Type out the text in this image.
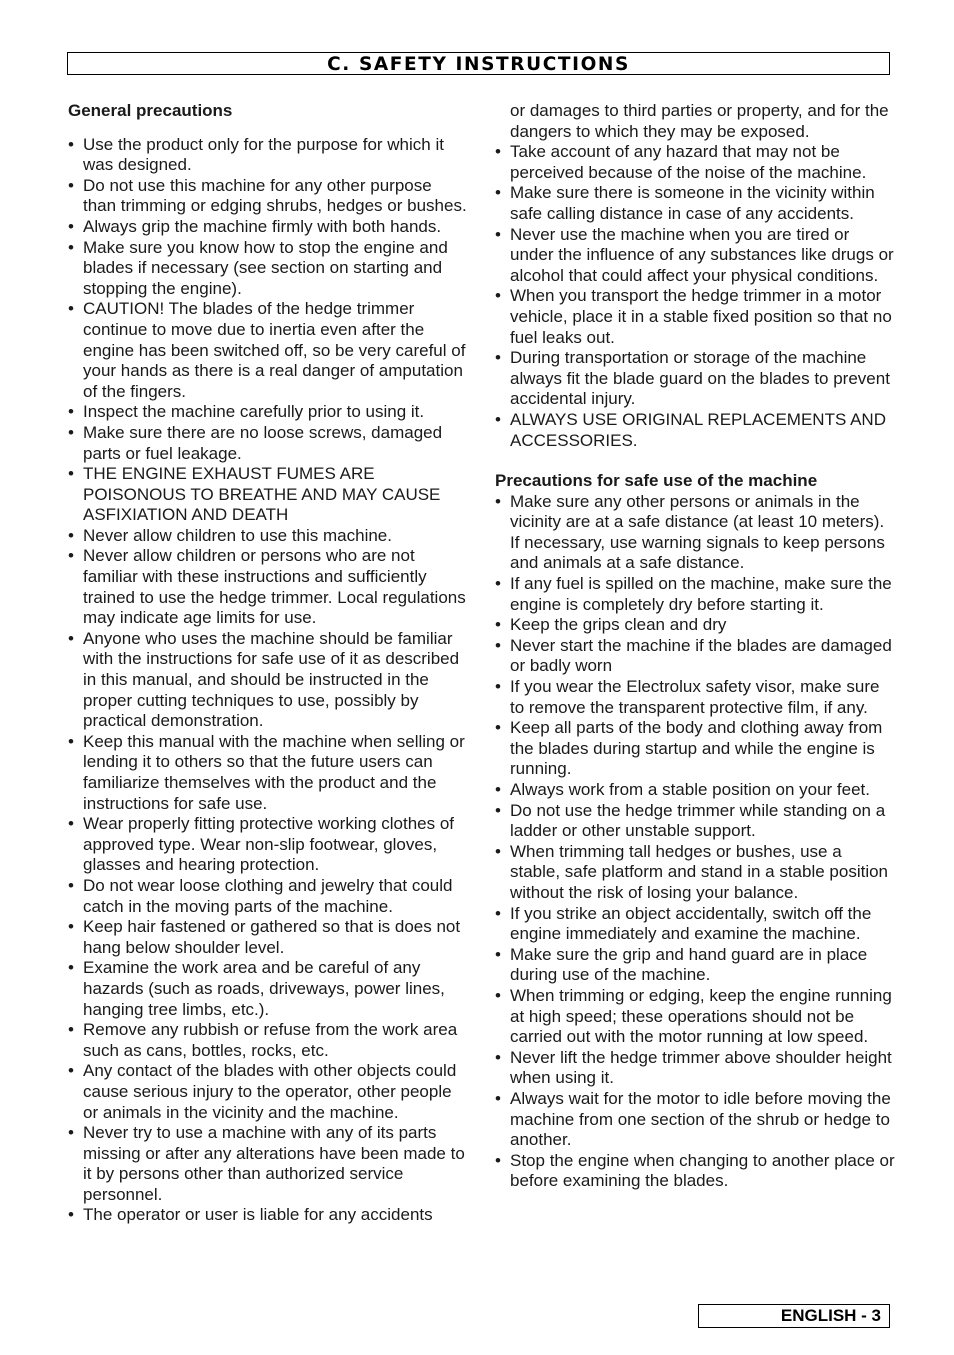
C. SAFETY INSTRUCTIONS

General precautions

• Use the product only for the purpose for which it was designed.
• Do not use this machine for any other purpose than trimming or edging shrubs, hedges or bushes.
• Always grip the machine firmly with both hands.
• Make sure you know how to stop the engine and blades if necessary (see section on starting and stopping the engine).
• CAUTION! The blades of the hedge trimmer continue to move due to inertia even after the engine has been switched off, so be very careful of your hands as there is a real danger of amputation of the fingers.
• Inspect the machine carefully prior to using it.
• Make sure there are no loose screws, damaged parts or fuel leakage.
• THE ENGINE EXHAUST FUMES ARE POISONOUS TO BREATHE AND MAY CAUSE ASFIXIATION AND DEATH
• Never allow children to use this machine.
• Never allow children or persons who are not familiar with these instructions and sufficiently trained to use the hedge trimmer. Local regulations may indicate age limits for use.
• Anyone who uses the machine should be familiar with the instructions for safe use of it as described in this manual, and should be instructed in the proper cutting techniques to use, possibly by practical demonstration.
• Keep this manual with the machine when selling or lending it to others so that the future users can familiarize themselves with the product and the instructions for safe use.
• Wear properly fitting protective working clothes of approved type. Wear non-slip footwear, gloves, glasses and hearing protection.
• Do not wear loose clothing and jewelry that could catch in the moving parts of the machine.
• Keep hair fastened or gathered so that is does not hang below shoulder level.
• Examine the work area and be careful of any hazards (such as roads, driveways, power lines, hanging tree limbs, etc.).
• Remove any rubbish or refuse from the work area such as cans, bottles, rocks, etc.
• Any contact of the blades with other objects could cause serious injury to the operator, other people or animals in the vicinity and the machine.
• Never try to use a machine with any of its parts missing or after any alterations have been made to it by persons other than authorized service personnel.
• The operator or user is liable for any accidents

or damages to third parties or property, and for the dangers to which they may be exposed.

• Take account of any hazard that may not be perceived because of the noise of the machine.
• Make sure there is someone in the vicinity within safe calling distance in case of any accidents.
• Never use the machine when you are tired or under the influence of any substances like drugs or alcohol that could affect your physical conditions.
• When you transport the hedge trimmer in a motor vehicle, place it in a stable fixed position so that no fuel leaks out.
• During transportation or storage of the machine always fit the blade guard on the blades to prevent accidental injury.
• ALWAYS USE ORIGINAL REPLACEMENTS AND ACCESSORIES.

Precautions for safe use of the machine

• Make sure any other persons or animals in the vicinity are at a safe distance (at least 10 meters). If necessary, use warning signals to keep persons and animals at a safe distance.
• If any fuel is spilled on the machine, make sure the engine is completely dry before starting it.
• Keep the grips clean and dry
• Never start the machine if the blades are damaged or badly worn
• If you wear the Electrolux safety visor, make sure to remove the transparent protective film, if any.
• Keep all parts of the body and clothing away from the blades during startup and while the engine is running.
• Always work from a stable position on your feet.
• Do not use the hedge trimmer while standing on a ladder or other unstable support.
• When trimming tall hedges or bushes, use a stable, safe platform and stand in a stable position without the risk of losing your balance.
• If you strike an object accidentally, switch off the engine immediately and examine the machine.
• Make sure the grip and hand guard are in place during use of the machine.
• When trimming or edging, keep the engine running at high speed; these operations should not be carried out with the motor running at low speed.
• Never lift the hedge trimmer above shoulder height when using it.
• Always wait for the motor to idle before moving the machine from one section of the shrub or hedge to another.
• Stop the engine when changing to another place or before examining the blades.
ENGLISH - 3
